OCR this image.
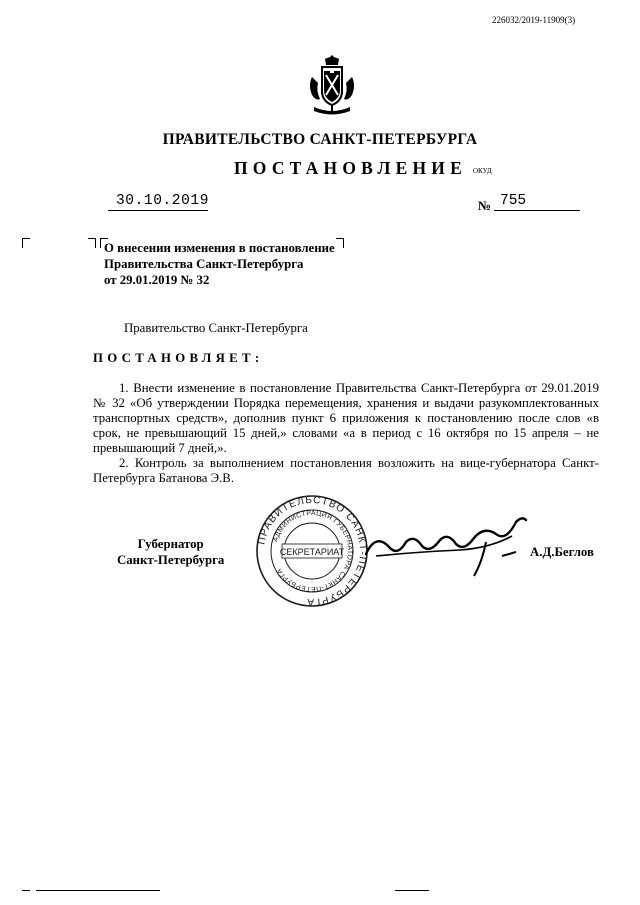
226032/2019-11909(3)
ПРАВИТЕЛЬСТВО САНКТ-ПЕТЕРБУРГА
ПОСТАНОВЛЕНИЕ ОКУД
30.10.2019	№ 755
О внесении изменения в постановление
Правительства Санкт-Петербурга
от 29.01.2019 № 32
Правительство Санкт-Петербурга
ПОСТАНОВЛЯЕТ:

1. Внести изменение в постановление Правительства Санкт-Петербурга от 29.01.2019 № 32 «Об утверждении Порядка перемещения, хранения и выдачи разукомплектованных транспортных средств», дополнив пункт 6 приложения к постановлению после слов «в срок, не превышающий 15 дней,» словами «а в период с 16 октября по 15 апреля – не превышающий 7 дней,».

2. Контроль за выполнением постановления возложить на вице-губернатора Санкт-Петербурга Батанова Э.В.

Губернатор
Санкт-Петербурга
ПРАВИТЕЛЬСТВО САНКТ-ПЕТЕРБУРГА
АДМИНИСТРАЦИЯ ГУБЕРНАТОРА САНКТ-ПЕТЕРБУРГА
СЕКРЕТАРИАТ	А.Д.Беглов
